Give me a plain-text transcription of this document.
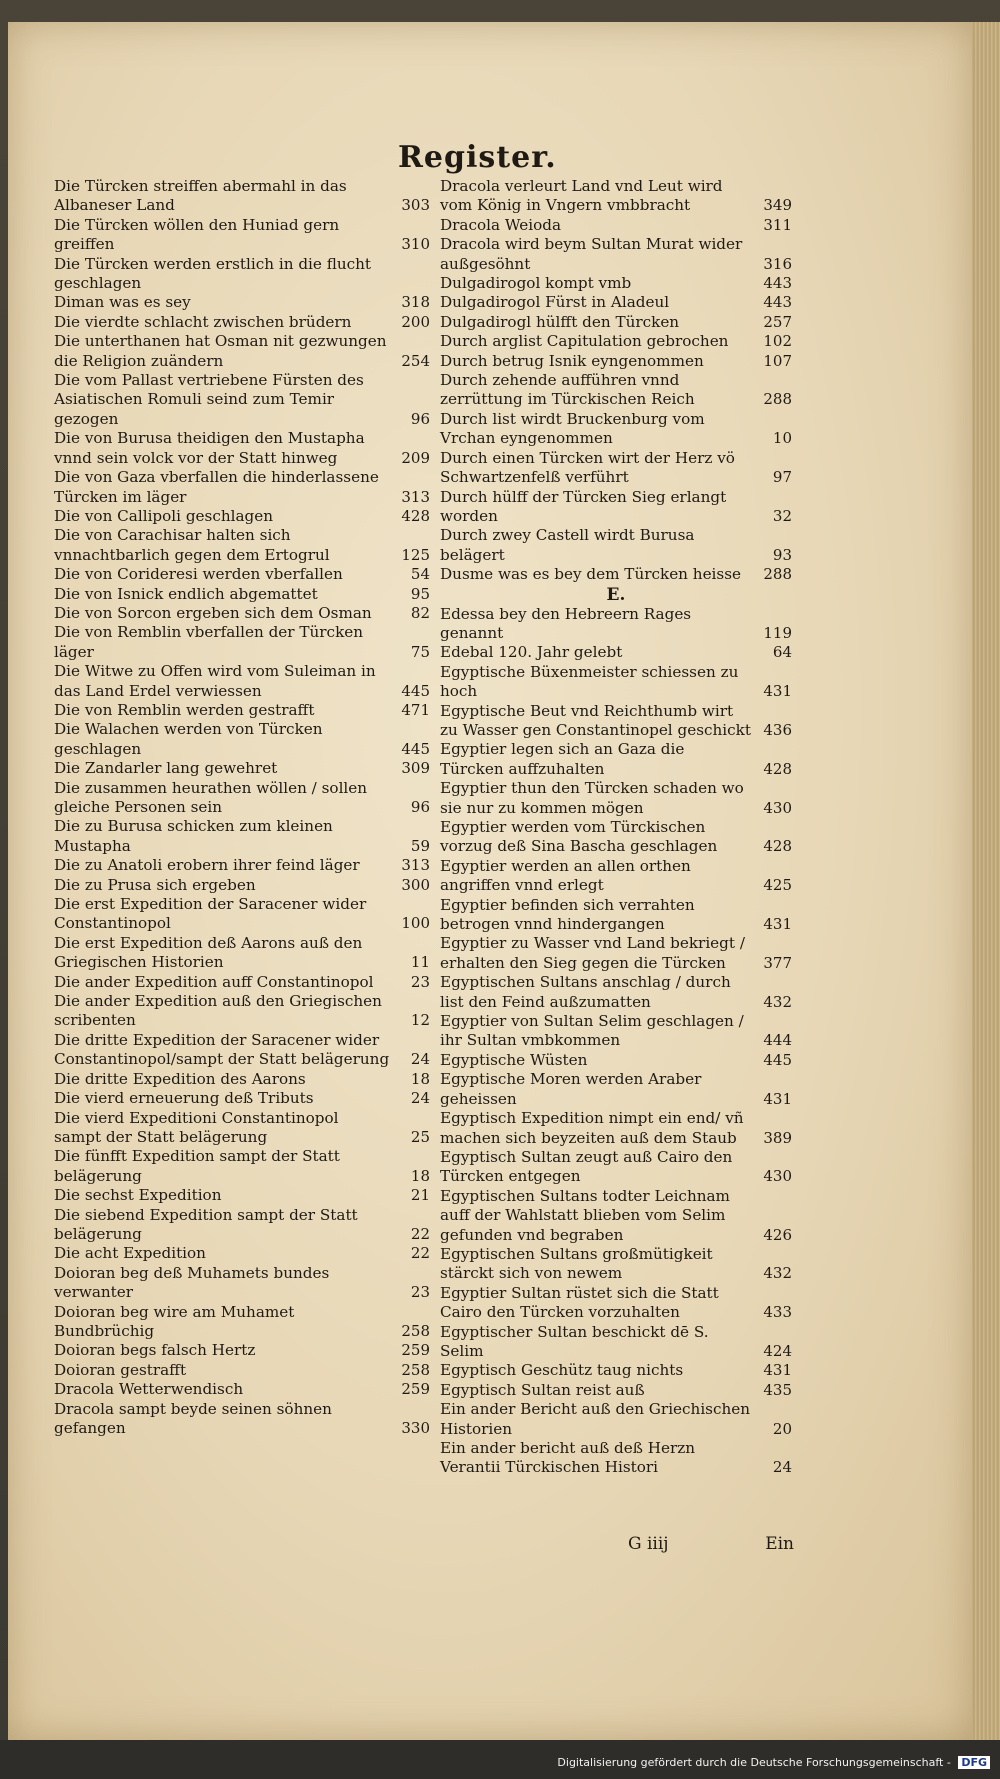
Register.
Die Türcken streiffen abermahl in das Albaneser Land	303
Die Türcken wöllen den Huniad gern greiffen	310
Die Türcken werden erstlich in die flucht geschlagen
Diman was es sey	318
Die vierdte schlacht zwischen brüdern	200
Die unterthanen hat Osman nit gezwungen die Religion zuändern	254
Die vom Pallast vertriebene Fürsten des Asiatischen Romuli seind zum Temir gezogen	96
Die von Burusa theidigen den Mustapha vnnd sein volck vor der Statt hinweg	209
Die von Gaza vberfallen die hinderlassene Türcken im läger	313
Die von Callipoli geschlagen	428
Die von Carachisar halten sich vnnachtbarlich gegen dem Ertogrul	125
Die von Corideresi werden vberfallen	54
Die von Isnick endlich abgemattet	95
Die von Sorcon ergeben sich dem Osman	82
Die von Remblin vberfallen der Türcken läger	75
Die Witwe zu Offen wird vom Suleiman in das Land Erdel verwiessen	445
Die von Remblin werden gestrafft	471
Die Walachen werden von Türcken geschlagen	445
Die Zandarler lang gewehret	309
Die zusammen heurathen wöllen / sollen gleiche Personen sein	96
Die zu Burusa schicken zum kleinen Mustapha	59
Die zu Anatoli erobern ihrer feind läger	313
Die zu Prusa sich ergeben	300
Die erst Expedition der Saracener wider Constantinopol	100
Die erst Expedition deß Aarons auß den Griegischen Historien	11
Die ander Expedition auff Constantinopol 23
Die ander Expedition auß den Griegischen scribenten	12
Die dritte Expedition der Saracener wider Constantinopol/sampt der Statt belägerung 24
Die dritte Expedition des Aarons	18
Die vierd erneuerung deß Tributs	24
Die vierd Expeditioni Constantinopol sampt der Statt belägerung	25
Die fünfft Expedition sampt der Statt belägerung	18
Die sechst Expedition	21
Die siebend Expedition sampt der Statt belägerung	22
Die acht Expedition	22
Doioran beg deß Muhamets bundes verwanter	23
Doioran beg wire am Muhamet Bundbrüchig	258
Doioran begs falsch Hertz	259
Doioran gestrafft	258
Dracola Wetterwendisch	259
Dracola sampt beyde seinen söhnen gefangen	330
Dracola verleurt Land vnd Leut wird vom König in Vngern vmbbracht	349
Dracola Weioda	311
Dracola wird beym Sultan Murat wider außgesöhnt	316
Dulgadirogol kompt vmb	443
Dulgadirogol Fürst in Aladeul	443
Dulgadirogl hülfft den Türcken	257
Durch arglist Capitulation gebrochen 102
Durch betrug Isnik eyngenommen	107
Durch zehende aufführen vnnd zerrüttung im Türckischen Reich	288
Durch list wirdt Bruckenburg vom Vrchan eyngenommen	10
Durch einen Türcken wirt der Herz vö Schwartzenfelß verführt	97
Durch hülff der Türcken Sieg erlangt worden	32
Durch zwey Castell wirdt Burusa belägert	93
Dusme was es bey dem Türcken heisse 288
E.
Edessa bey den Hebreern Rages genannt	119
Edebal 120. Jahr gelebt	64
Egyptische Büxenmeister schiessen zu hoch	431
Egyptische Beut vnd Reichthumb wirt zu Wasser gen Constantinopel geschickt 436
Egyptier legen sich an Gaza die Türcken auffzuhalten	428
Egyptier thun den Türcken schaden wo sie nur zu kommen mögen	430
Egyptier werden vom Türckischen vorzug deß Sina Bascha geschlagen	428
Egyptier werden an allen orthen angriffen vnnd erlegt	425
Egyptier befinden sich verrahten betrogen vnnd hindergangen	431
Egyptier zu Wasser vnd Land bekriegt / erhalten den Sieg gegen die Türcken	377
Egyptischen Sultans anschlag / durch list den Feind außzumatten	432
Egyptier von Sultan Selim geschlagen / ihr Sultan vmbkommen	444
Egyptische Wüsten	445
Egyptische Moren werden Araber geheissen	431
Egyptisch Expedition nimpt ein end/ vñ machen sich beyzeiten auß dem Staub 389
Egyptisch Sultan zeugt auß Cairo den Türcken entgegen	430
Egyptischen Sultans todter Leichnam auff der Wahlstatt blieben vom Selim gefunden vnd begraben	426
Egyptischen Sultans großmütigkeit stärckt sich von newem	432
Egyptier Sultan rüstet sich die Statt Cairo den Türcken vorzuhalten	433
Egyptischer Sultan beschickt dē S. Selim	424
Egyptisch Geschütz taug nichts	431
Egyptisch Sultan reist auß	435
Ein ander Bericht auß den Griechischen Historien	20
Ein ander bericht auß deß Herzn Verantii Türckischen Histori	24
G iiij	Ein
Digitalisierung gefördert durch die Deutsche Forschungsgemeinschaft - DFG
